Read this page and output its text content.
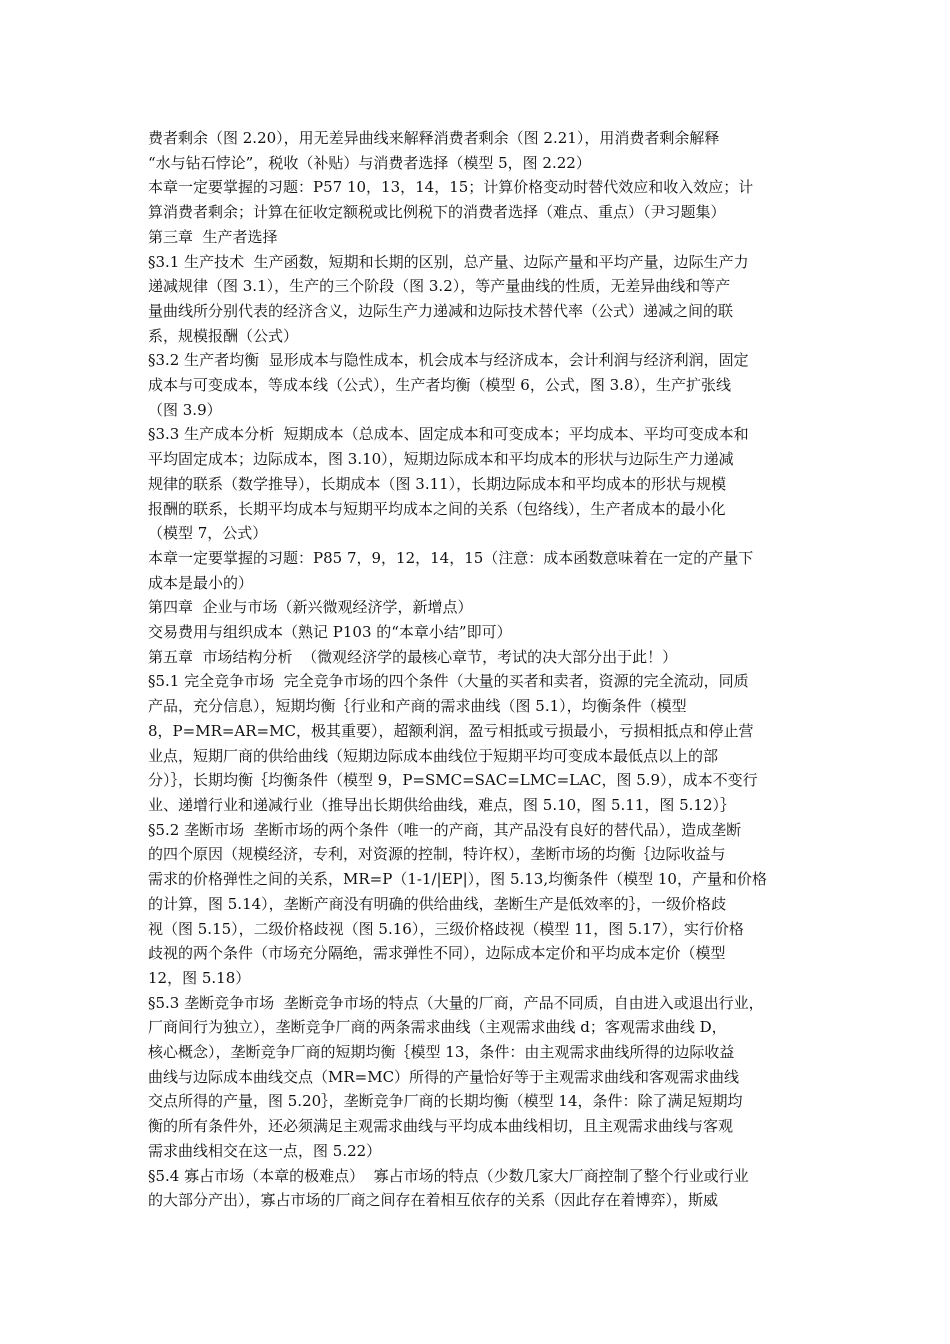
费者剩余（图 2.20），用无差异曲线来解释消费者剩余（图 2.21），用消费者剩余解释

“水与钻石悖论”，税收（补贴）与消费者选择（模型 5，图 2.22）

本章一定要掌握的习题：P57 10，13，14，15；计算价格变动时替代效应和收入效应；计

算消费者剩余；计算在征收定额税或比例税下的消费者选择（难点、重点）（尹习题集）

第三章  生产者选择

§3.1 生产技术  生产函数，短期和长期的区别，总产量、边际产量和平均产量，边际生产力

递减规律（图 3.1），生产的三个阶段（图 3.2），等产量曲线的性质，无差异曲线和等产

量曲线所分别代表的经济含义，边际生产力递减和边际技术替代率（公式）递减之间的联

系，规模报酬（公式）

§3.2 生产者均衡  显形成本与隐性成本，机会成本与经济成本，会计利润与经济利润，固定

成本与可变成本，等成本线（公式），生产者均衡（模型 6，公式，图 3.8），生产扩张线

（图 3.9）

§3.3 生产成本分析  短期成本（总成本、固定成本和可变成本；平均成本、平均可变成本和

平均固定成本；边际成本，图 3.10），短期边际成本和平均成本的形状与边际生产力递减

规律的联系（数学推导），长期成本（图 3.11），长期边际成本和平均成本的形状与规模

报酬的联系，长期平均成本与短期平均成本之间的关系（包络线），生产者成本的最小化

（模型 7，公式）

本章一定要掌握的习题：P85 7，9，12，14，15（注意：成本函数意味着在一定的产量下

成本是最小的）

第四章  企业与市场（新兴微观经济学，新增点）

交易费用与组织成本（熟记 P103 的“本章小结”即可）

第五章  市场结构分析  （微观经济学的最核心章节，考试的决大部分出于此！）

§5.1 完全竞争市场  完全竞争市场的四个条件（大量的买者和卖者，资源的完全流动，同质

产品，充分信息），短期均衡｛行业和产商的需求曲线（图 5.1），均衡条件（模型

8，P=MR=AR=MC，极其重要），超额利润，盈亏相抵或亏损最小，亏损相抵点和停止营

业点，短期厂商的供给曲线（短期边际成本曲线位于短期平均可变成本最低点以上的部

分）｝，长期均衡｛均衡条件（模型 9，P=SMC=SAC=LMC=LAC，图 5.9），成本不变行

业、递增行业和递减行业（推导出长期供给曲线，难点，图 5.10，图 5.11，图 5.12）｝

§5.2 垄断市场  垄断市场的两个条件（唯一的产商，其产品没有良好的替代品），造成垄断

的四个原因（规模经济，专利，对资源的控制，特许权），垄断市场的均衡｛边际收益与

需求的价格弹性之间的关系，MR=P（1-1/|EP|），图 5.13,均衡条件（模型 10，产量和价格

的计算，图 5.14），垄断产商没有明确的供给曲线，垄断生产是低效率的｝，一级价格歧

视（图 5.15），二级价格歧视（图 5.16），三级价格歧视（模型 11，图 5.17），实行价格

歧视的两个条件（市场充分隔绝，需求弹性不同），边际成本定价和平均成本定价（模型

12，图 5.18）

§5.3 垄断竞争市场  垄断竞争市场的特点（大量的厂商，产品不同质，自由进入或退出行业，

厂商间行为独立），垄断竞争厂商的两条需求曲线（主观需求曲线 d；客观需求曲线 D，

核心概念），垄断竞争厂商的短期均衡｛模型 13，条件：由主观需求曲线所得的边际收益

曲线与边际成本曲线交点（MR=MC）所得的产量恰好等于主观需求曲线和客观需求曲线

交点所得的产量，图 5.20｝，垄断竞争厂商的长期均衡（模型 14，条件：除了满足短期均

衡的所有条件外，还必须满足主观需求曲线与平均成本曲线相切，且主观需求曲线与客观

需求曲线相交在这一点，图 5.22）

§5.4 寡占市场（本章的极难点）  寡占市场的特点（少数几家大厂商控制了整个行业或行业

的大部分产出），寡占市场的厂商之间存在着相互依存的关系（因此存在着博弈），斯威
